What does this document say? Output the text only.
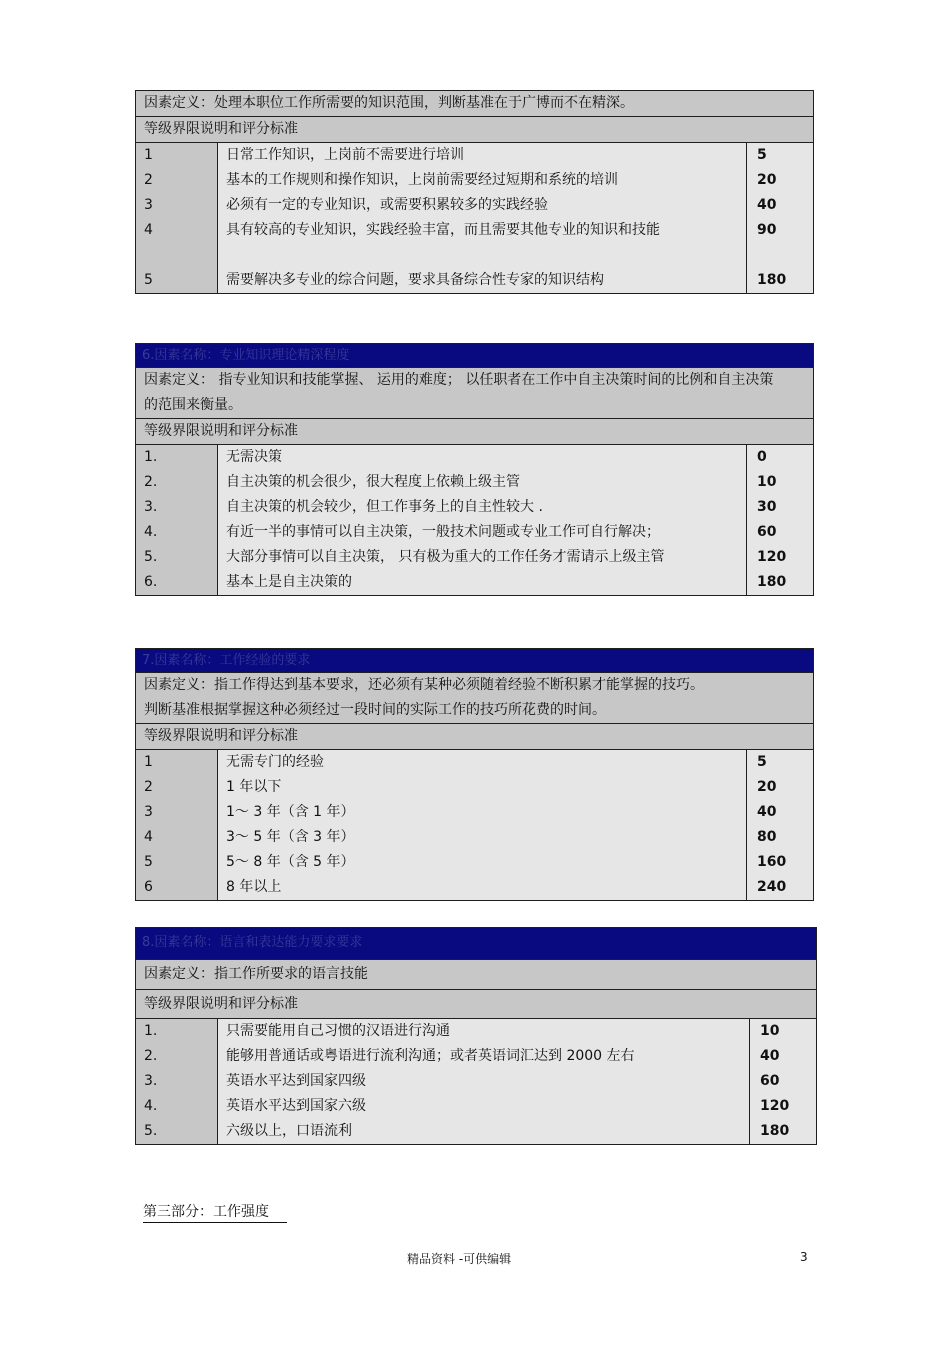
因素定义：处理本职位工作所需要的知识范围，判断基准在于广博而不在精深。
等级界限说明和评分标准
1
2
3
4
5
日常工作知识，上岗前不需要进行培训
基本的工作规则和操作知识，上岗前需要经过短期和系统的培训
必须有一定的专业知识，或需要积累较多的实践经验
具有较高的专业知识，实践经验丰富，而且需要其他专业的知识和技能
需要解决多专业的综合问题，要求具备综合性专家的知识结构
5
20
40
90
180
6.因素名称：专业知识理论精深程度
因素定义： 指专业知识和技能掌握、 运用的难度； 以任职者在工作中自主决策时间的比例和自主决策的范围来衡量。
等级界限说明和评分标准
1.
2.
3.
4.
5.
6.
无需决策
自主决策的机会很少，很大程度上依赖上级主管
自主决策的机会较少，但工作事务上的自主性较大 .
有近一半的事情可以自主决策，一般技术问题或专业工作可自行解决；
大部分事情可以自主决策， 只有极为重大的工作任务才需请示上级主管
基本上是自主决策的
0
10
30
60
120
180
7.因素名称：工作经验的要求
因素定义：指工作得达到基本要求，还必须有某种必须随着经验不断积累才能掌握的技巧。
判断基准根据掌握这种必须经过一段时间的实际工作的技巧所花费的时间。
等级界限说明和评分标准
1
2
3
4
5
6
无需专门的经验
1 年以下
1～ 3 年（含 1 年）
3～ 5 年（含 3 年）
5～ 8 年（含 5 年）
8 年以上
5
20
40
80
160
240
8.因素名称：语言和表达能力要求要求
因素定义：指工作所要求的语言技能
等级界限说明和评分标准
1.
2.
3.
4.
5.
只需要能用自己习惯的汉语进行沟通
能够用普通话或粤语进行流利沟通；或者英语词汇达到 2000 左右
英语水平达到国家四级
英语水平达到国家六级
六级以上，口语流利
10
40
60
120
180
第三部分：工作强度
精品资料 -可供编辑	3
